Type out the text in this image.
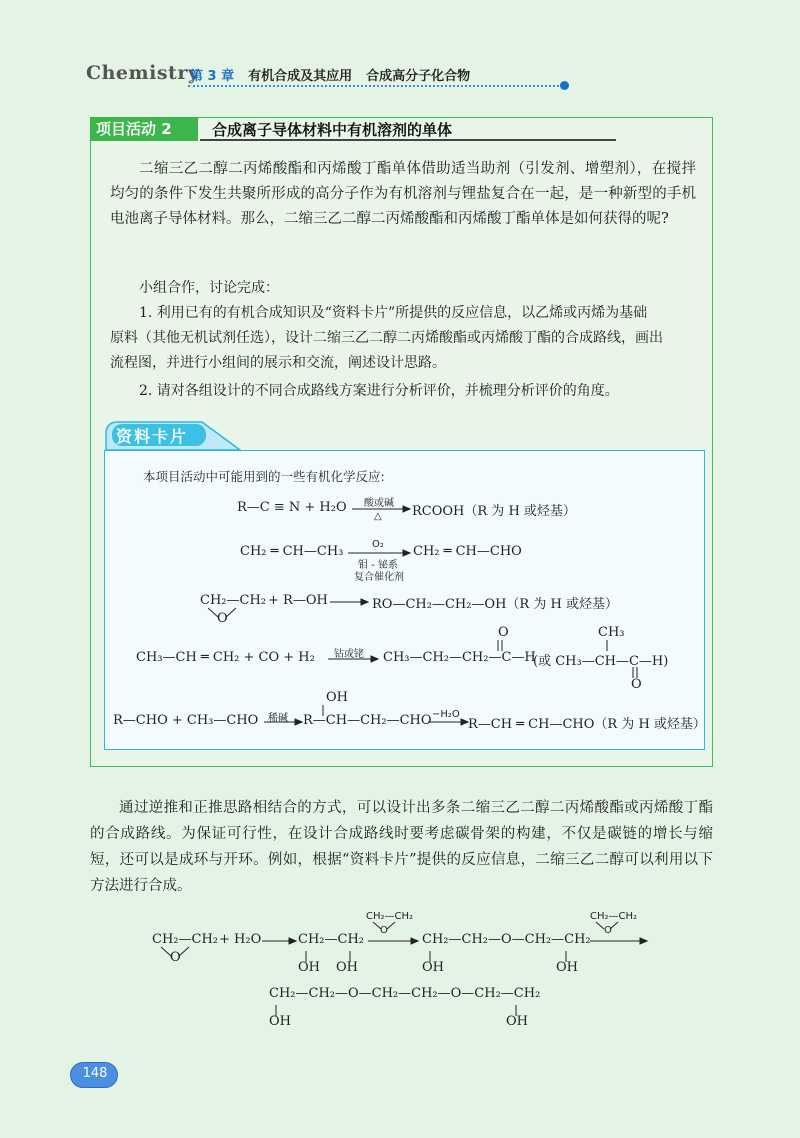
Chemistry
第 3 章 有机合成及其应用 合成高分子化合物
项目活动 2	合成离子导体材料中有机溶剂的单体
二缩三乙二醇二丙烯酸酯和丙烯酸丁酯单体借助适当助剂（引发剂、增塑剂），在搅拌均匀的条件下发生共聚所形成的高分子作为有机溶剂与锂盐复合在一起，是一种新型的手机电池离子导体材料。那么，二缩三乙二醇二丙烯酸酯和丙烯酸丁酯单体是如何获得的呢?
小组合作，讨论完成：
1. 利用已有的有机合成知识及“资料卡片”所提供的反应信息，以乙烯或丙烯为基础
原料（其他无机试剂任选），设计二缩三乙二醇二丙烯酸酯或丙烯酸丁酯的合成路线，画出
流程图，并进行小组间的展示和交流，阐述设计思路。
2. 请对各组设计的不同合成路线方案进行分析评价，并梳理分析评价的角度。
资料卡片
本项目活动中可能用到的一些有机化学反应:
R—C ≡ N + H₂O 酸或碱
△ RCOOH（R 为 H 或烃基）
CH₂ ═ CH—CH₃	O₂
钼 - 铋系
复合催化剂
CH₂ ═ CH—CHO
CH₂—CH₂
O
+ R—OH	RO—CH₂—CH₂—OH（R 为 H 或烃基）
O	CH₃
CH₃—CH ═ CH₂ + CO + H₂ 钴或铑 CH₃—CH₂—CH₂—C—H
(或 CH₃—CH—C—H)
O
OH
R—CHO + CH₃—CHO 稀碱 R—CH—CH₂—CHO −H₂O
R—CH ═ CH—CHO（R 为 H 或烃基）
通过逆推和正推思路相结合的方式，可以设计出多条二缩三乙二醇二丙烯酸酯或丙烯酸丁酯的合成路线。为保证可行性，在设计合成路线时要考虑碳骨架的构建，不仅是碳链的增长与缩短，还可以是成环与开环。例如，根据“资料卡片”提供的反应信息，二缩三乙二醇可以利用以下方法进行合成。
CH₂—CH₂
O
+ H₂O	CH₂—CH₂
OH OH
CH₂—CH₂
O
CH₂—CH₂—O—CH₂—CH₂
OH	OH
CH₂—CH₂
O
CH₂—CH₂—O—CH₂—CH₂—O—CH₂—CH₂
OH	OH
148
